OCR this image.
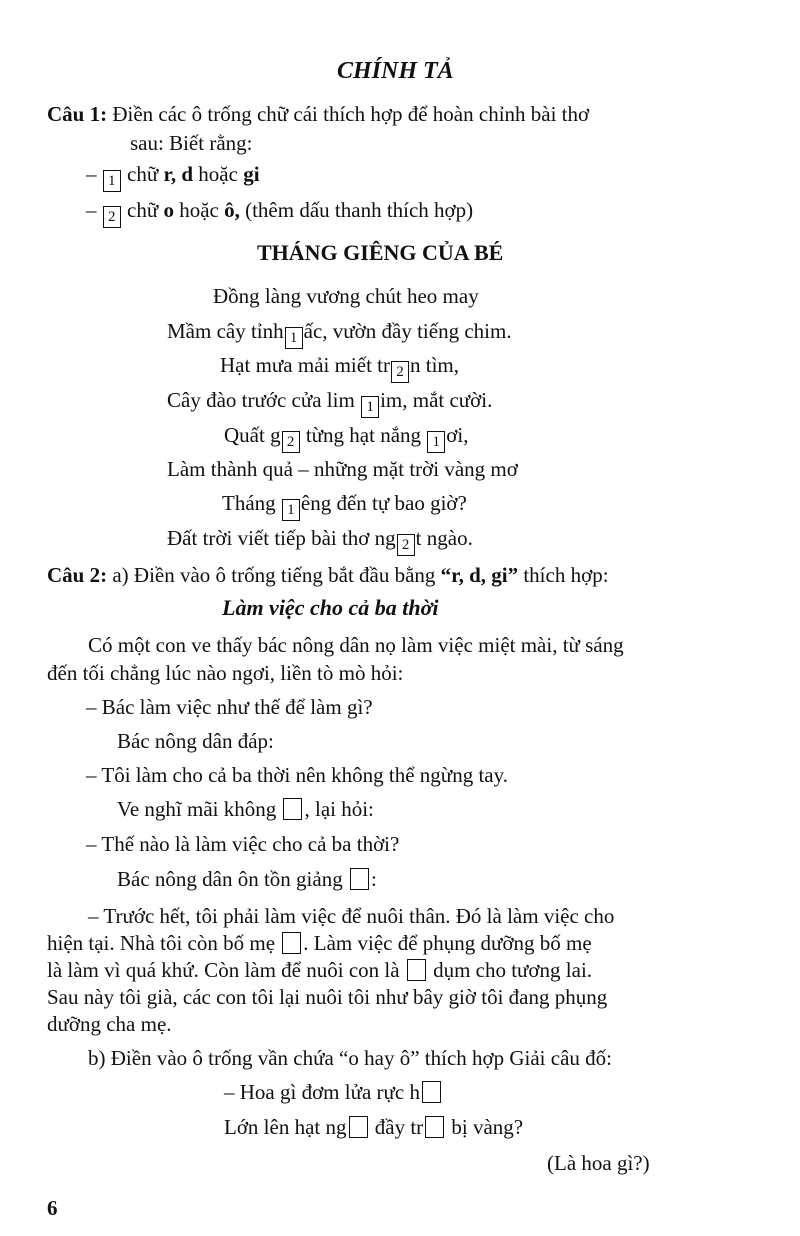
CHÍNH TẢ
Câu 1: Điền các ô trống chữ cái thích hợp để hoàn chỉnh bài thơ
sau: Biết rằng:
– 1 chữ r, d hoặc gi
– 2 chữ o hoặc ô, (thêm dấu thanh thích hợp)
THÁNG GIÊNG CỦA BÉ
Đồng làng vương chút heo may
Mầm cây tỉnh 1 ấc, vườn đầy tiếng chim.
Hạt mưa mải miết tr 2 n tìm,
Cây đào trước cửa lim 1 im, mắt cười.
Quất g 2 từng hạt nắng 1 ơi,
Làm thành quả – những mặt trời vàng mơ
Tháng 1 êng đến tự bao giờ?
Đất trời viết tiếp bài thơ ng 2 t ngào.
Câu 2: a) Điền vào ô trống tiếng bắt đầu bằng “r, d, gi” thích hợp:
Làm việc cho cả ba thời
Có một con ve thấy bác nông dân nọ làm việc miệt mài, từ sáng
đến tối chẳng lúc nào ngơi, liền tò mò hỏi:
– Bác làm việc như thế để làm gì?
Bác nông dân đáp:
– Tôi làm cho cả ba thời nên không thể ngừng tay.
Ve nghĩ mãi không , lại hỏi:
– Thế nào là làm việc cho cả ba thời?
Bác nông dân ôn tồn giảng :
– Trước hết, tôi phải làm việc để nuôi thân. Đó là làm việc cho
hiện tại. Nhà tôi còn bố mẹ . Làm việc để phụng dưỡng bố mẹ
là làm vì quá khứ. Còn làm để nuôi con là dụm cho tương lai.
Sau này tôi già, các con tôi lại nuôi tôi như bây giờ tôi đang phụng
dưỡng cha mẹ.
b) Điền vào ô trống vần chứa “o hay ô” thích hợp Giải câu đố:
– Hoa gì đơm lửa rực h
Lớn lên hạt ng đầy tr bị vàng?
(Là hoa gì?)
6
